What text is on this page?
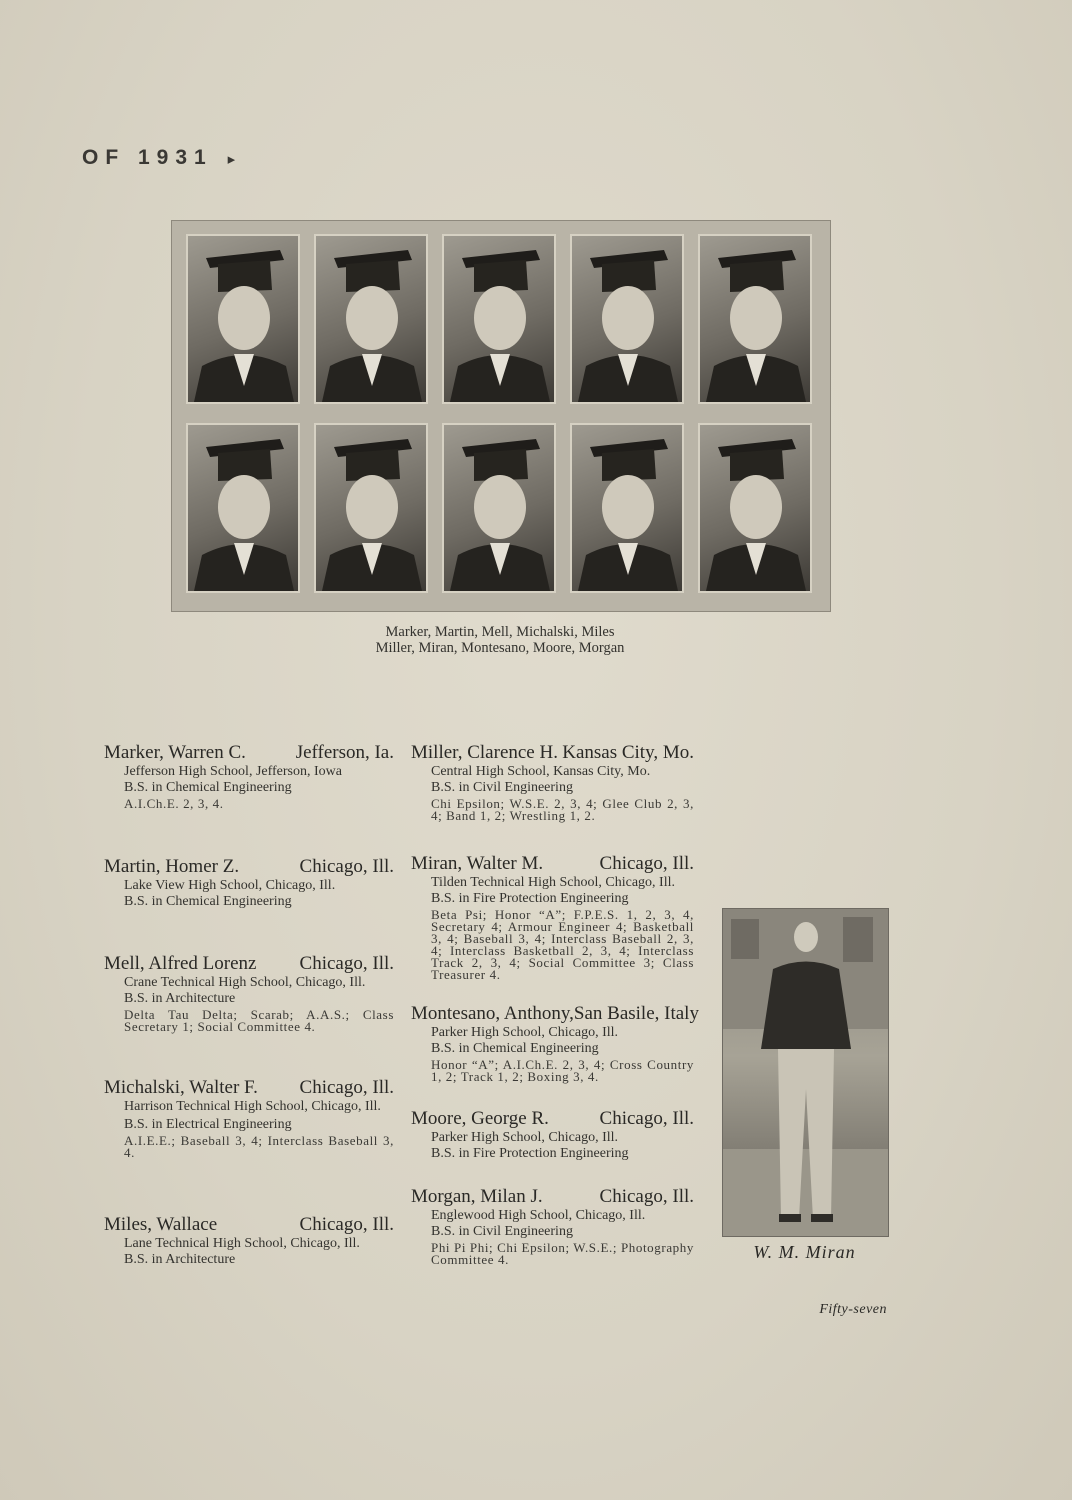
OF 1931 ▸
Marker, Martin, Mell, Michalski, Miles
Miller, Miran, Montesano, Moore, Morgan
Marker, Warren C.	Jefferson, Ia.
Jefferson High School, Jefferson, Iowa
B.S. in Chemical Engineering
A.I.Ch.E. 2, 3, 4.
Martin, Homer Z.	Chicago, Ill.
Lake View High School, Chicago, Ill.
B.S. in Chemical Engineering
Mell, Alfred Lorenz Chicago, Ill.
Crane Technical High School, Chicago, Ill.
B.S. in Architecture
Delta Tau Delta; Scarab; A.A.S.; Class Secretary 1; Social Committee 4.
Michalski, Walter F. Chicago, Ill.
Harrison Technical High School, Chicago, Ill.
B.S. in Electrical Engineering
A.I.E.E.; Baseball 3, 4; Interclass Baseball 3, 4.
Miles, Wallace	Chicago, Ill.
Lane Technical High School, Chicago, Ill.
B.S. in Architecture
Miller, Clarence H. Kansas City, Mo.
Central High School, Kansas City, Mo.
B.S. in Civil Engineering
Chi Epsilon; W.S.E. 2, 3, 4; Glee Club 2, 3, 4; Band 1, 2; Wrestling 1, 2.
Miran, Walter M.	Chicago, Ill.
Tilden Technical High School, Chicago, Ill.
B.S. in Fire Protection Engineering
Beta Psi; Honor “A”; F.P.E.S. 1, 2, 3, 4, Secretary 4; Armour Engineer 4; Basketball 3, 4; Baseball 3, 4; Interclass Baseball 2, 3, 4; Interclass Basketball 2, 3, 4; Interclass Track 2, 3, 4; Social Committee 3; Class Treasurer 4.
Montesano, Anthony, San Basile, Italy
Parker High School, Chicago, Ill.
B.S. in Chemical Engineering
Honor “A”; A.I.Ch.E. 2, 3, 4; Cross Country 1, 2; Track 1, 2; Boxing 3, 4.
Moore, George R.	Chicago, Ill.
Parker High School, Chicago, Ill.
B.S. in Fire Protection Engineering
Morgan, Milan J.	Chicago, Ill.
Englewood High School, Chicago, Ill.
B.S. in Civil Engineering
Phi Pi Phi; Chi Epsilon; W.S.E.; Photography Committee 4.	W. M. Miran
Fifty-seven
